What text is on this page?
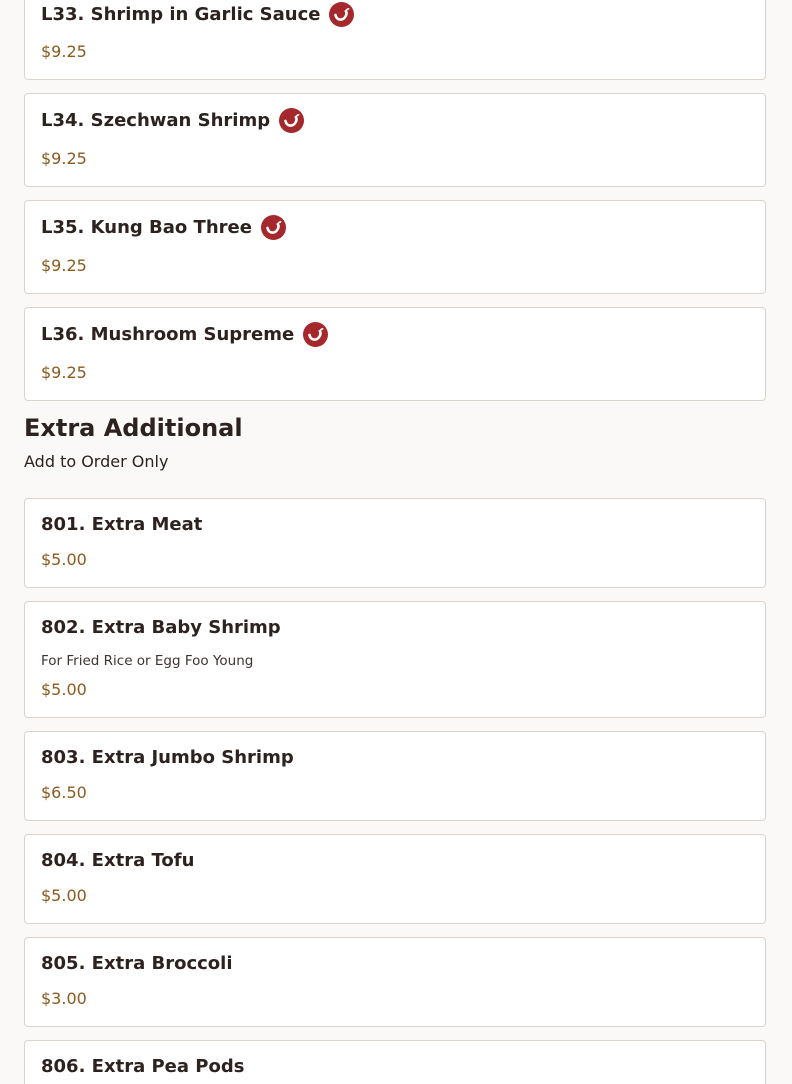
L33. Shrimp in Garlic Sauce
$9.25
L34. Szechwan Shrimp
$9.25
L35. Kung Bao Three
$9.25
L36. Mushroom Supreme
$9.25
Extra Additional
Add to Order Only
801. Extra Meat
$5.00
802. Extra Baby Shrimp
For Fried Rice or Egg Foo Young
$5.00
803. Extra Jumbo Shrimp
$6.50
804. Extra Tofu
$5.00
805. Extra Broccoli
$3.00
806. Extra Pea Pods
